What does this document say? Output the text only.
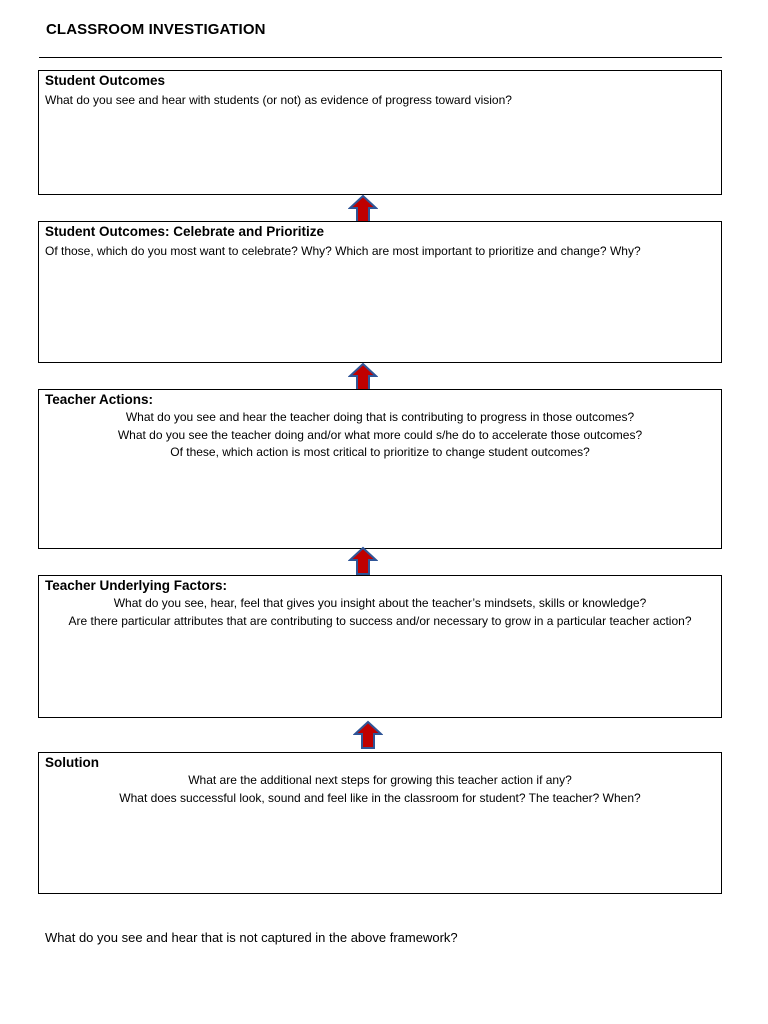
CLASSROOM INVESTIGATION
Student Outcomes
What do you see and hear with students (or not) as evidence of progress toward vision?
Student Outcomes: Celebrate and Prioritize
Of those, which do you most want to celebrate? Why? Which are most important to prioritize and change? Why?
Teacher Actions:
What do you see and hear the teacher doing that is contributing to progress in those outcomes?
What do you see the teacher doing and/or what more could s/he do to accelerate those outcomes?
Of these, which action is most critical to prioritize to change student outcomes?
Teacher Underlying Factors:
What do you see, hear, feel that gives you insight about the teacher’s mindsets, skills or knowledge?
Are there particular attributes that are contributing to success and/or necessary to grow in a particular teacher action?
Solution
What are the additional next steps for growing this teacher action if any?
What does successful look, sound and feel like in the classroom for student? The teacher? When?
What do you see and hear that is not captured in the above framework?
